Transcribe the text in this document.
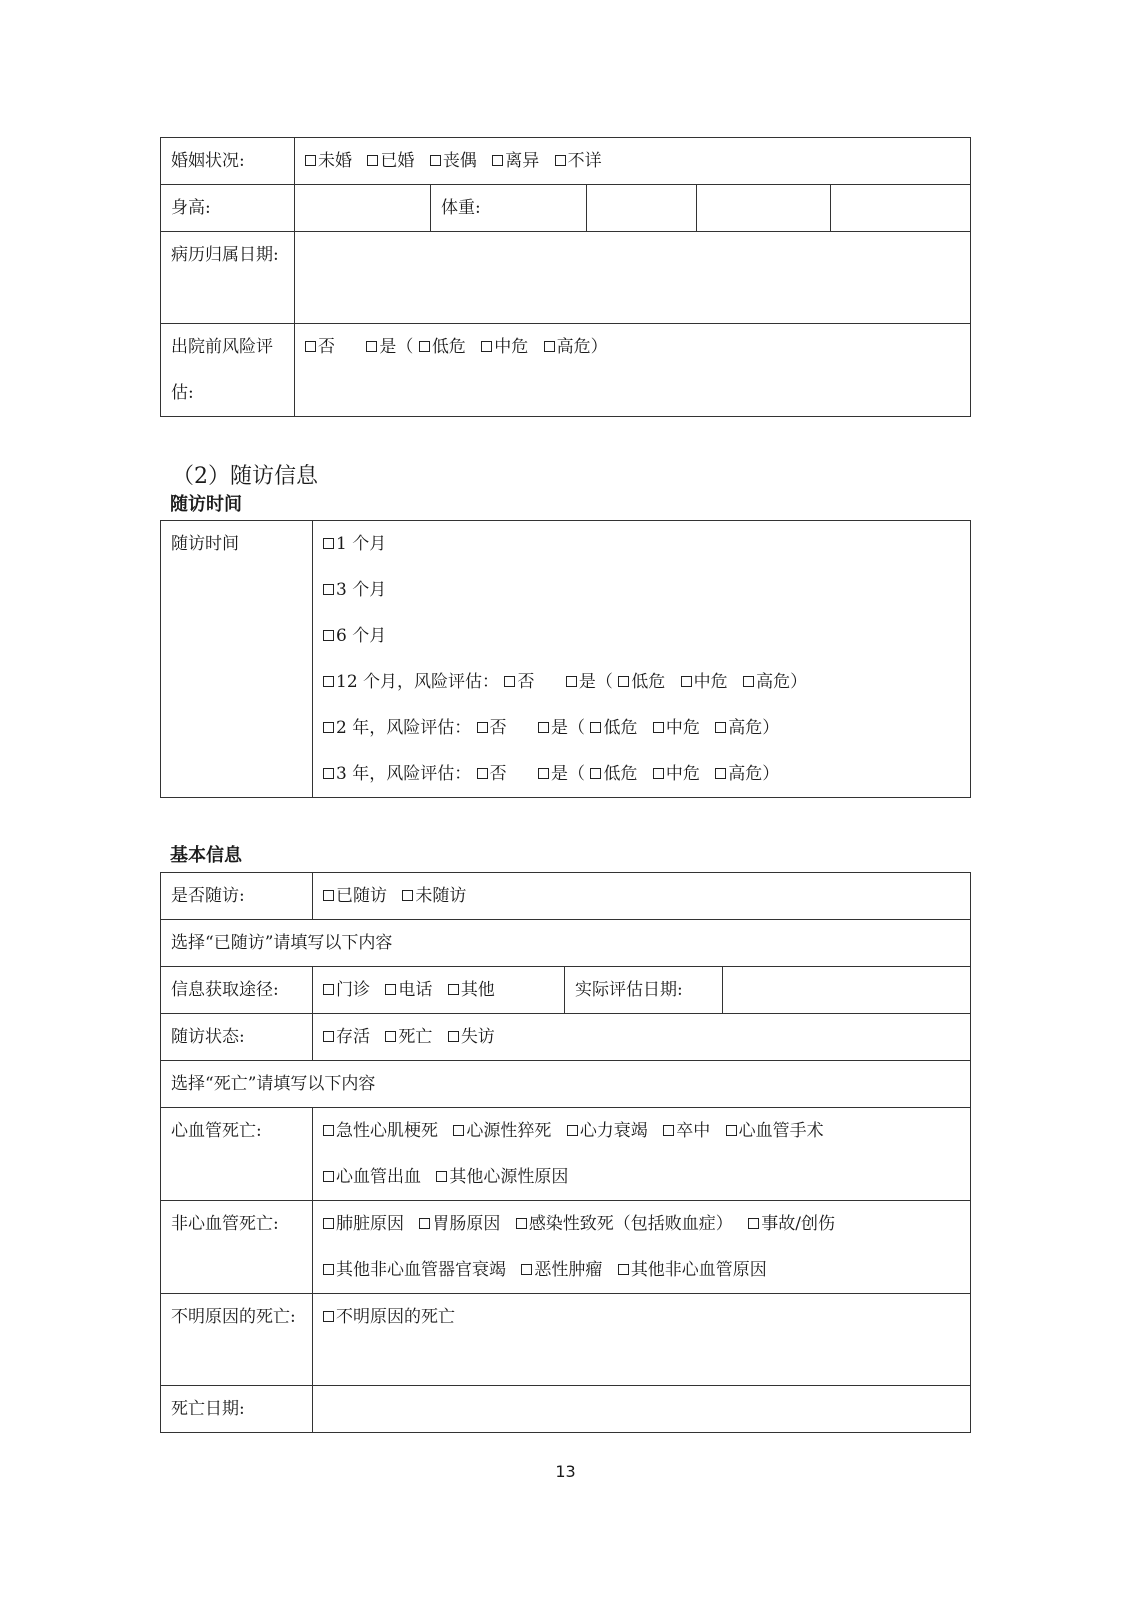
婚姻状况:	未婚 已婚 丧偶 离异 不详				
身高:		体重:			
病历归属日期:					
出院前风险评估:	否 是（ 低危 中危 高危）				
（2）随访信息
随访时间
随访时间	1 个月
3 个月
6 个月
12 个月，风险评估： 否	是（ 低危 中危 高危）
2 年，风险评估： 否	是（ 低危 中危 高危）
3 年，风险评估： 否	是（ 低危 中危 高危）
基本信息
是否随访:	已随访 未随访		
选择“已随访”请填写以下内容			
信息获取途径:	门诊 电话 其他	实际评估日期:	
随访状态:	存活 死亡 失访		
选择“死亡”请填写以下内容			
心血管死亡:	急性心肌梗死 心源性猝死 心力衰竭 卒中 心血管手术
心血管出血 其他心源性原因		

非心血管死亡:	肺脏原因 胃肠原因 感染性致死（包括败血症） 事故/创伤
其他非心血管器官衰竭 恶性肿瘤 其他非心血管原因		

不明原因的死亡:	不明原因的死亡		
死亡日期:			
13
